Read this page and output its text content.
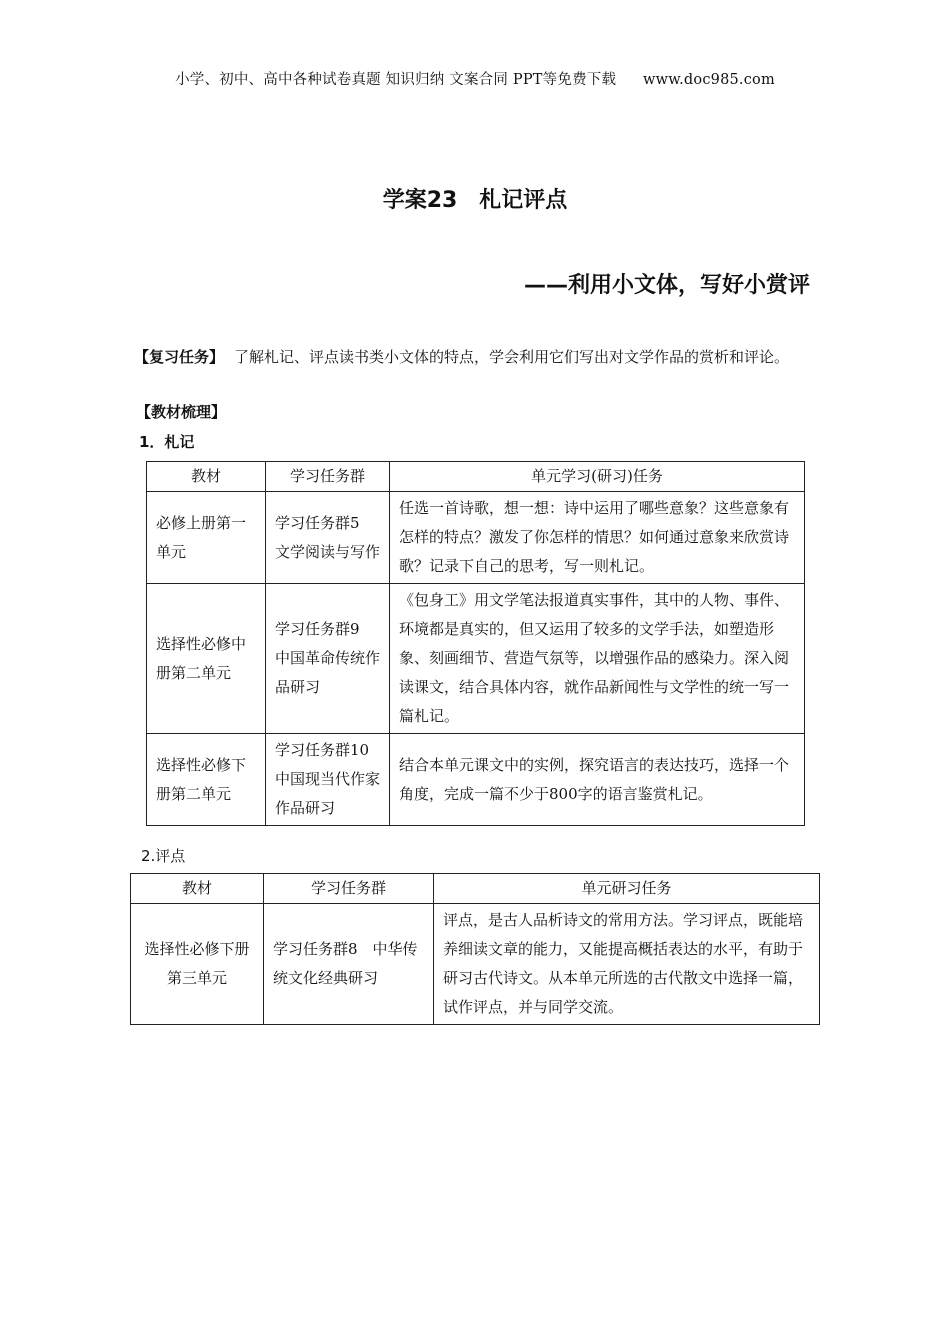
小学、初中、高中各种试卷真题 知识归纳 文案合同 PPT等免费下载 www.doc985.com
学案23　札记评点
——利用小文体，写好小赏评
【复习任务】 了解札记、评点读书类小文体的特点，学会利用它们写出对文学作品的赏析和评论。
【教材梳理】
1．札记
教材	学习任务群	单元学习(研习)任务
必修上册第一单元	学习任务群5　文学阅读与写作	任选一首诗歌，想一想：诗中运用了哪些意象？这些意象有怎样的特点？激发了你怎样的情思？如何通过意象来欣赏诗歌？记录下自己的思考，写一则札记。
选择性必修中册第二单元	学习任务群9　中国革命传统作品研习	《包身工》用文学笔法报道真实事件，其中的人物、事件、环境都是真实的，但又运用了较多的文学手法，如塑造形象、刻画细节、营造气氛等，以增强作品的感染力。深入阅读课文，结合具体内容，就作品新闻性与文学性的统一写一篇札记。
选择性必修下册第二单元	学习任务群10　中国现当代作家作品研习	结合本单元课文中的实例，探究语言的表达技巧，选择一个角度，完成一篇不少于800字的语言鉴赏札记。
2.评点
教材	学习任务群	单元研习任务
选择性必修下册第三单元	学习任务群8　中华传统文化经典研习	评点，是古人品析诗文的常用方法。学习评点，既能培养细读文章的能力，又能提高概括表达的水平，有助于研习古代诗文。从本单元所选的古代散文中选择一篇，试作评点，并与同学交流。
